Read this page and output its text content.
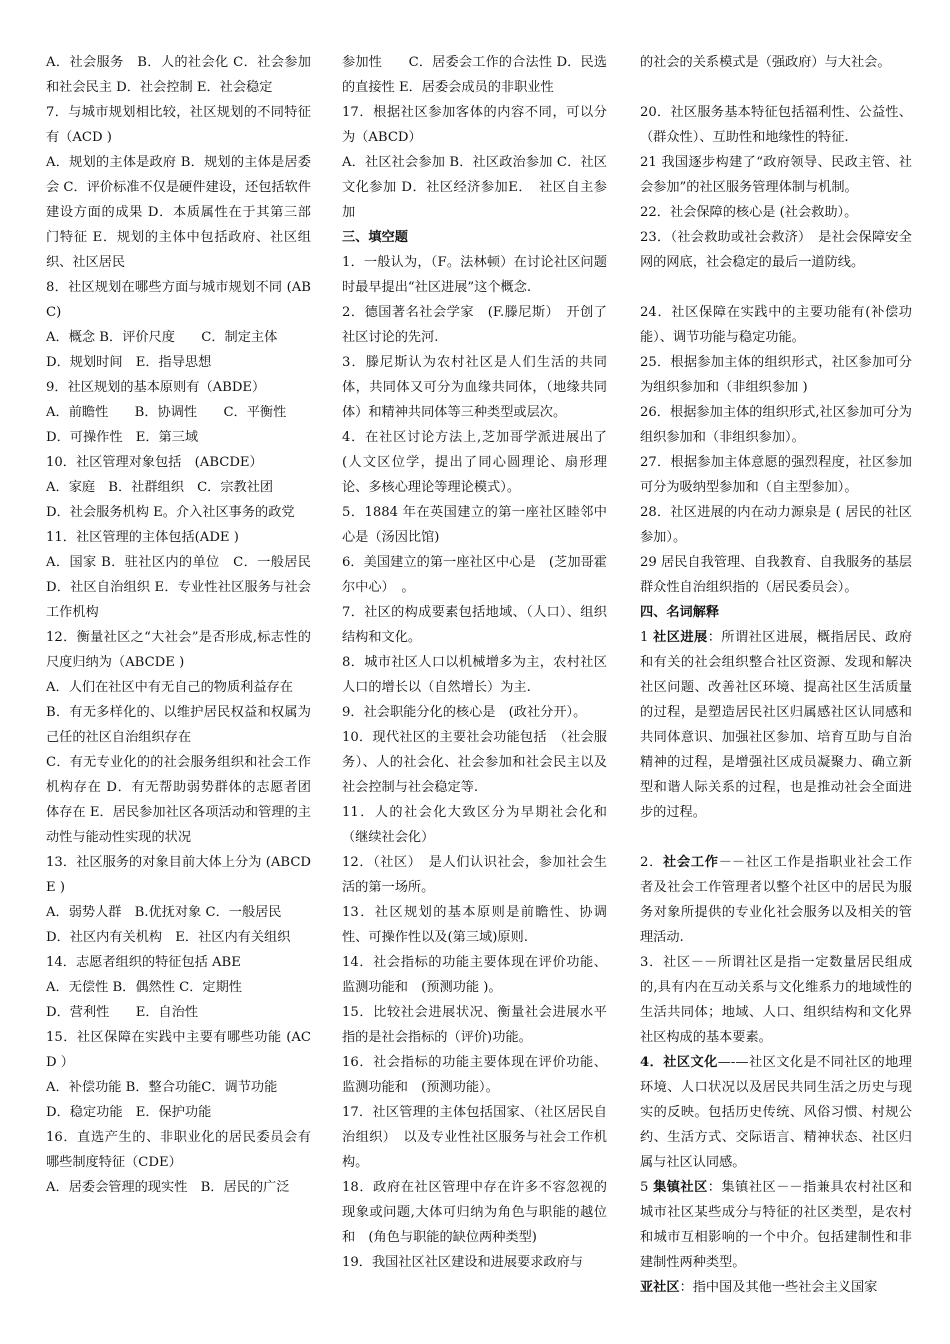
A．社会服务　B．人的社会化 C．社会参加和社会民主 D．社会控制 E．社会稳定

7．与城市规划相比较，社区规划的不同特征有（ACD )

A．规划的主体是政府 B．规划的主体是居委会 C．评价标准不仅是硬件建设，还包括软件建设方面的成果 D．本质属性在于其第三部门特征 E．规划的主体中包括政府、社区组织、社区居民

8．社区规划在哪些方面与城市规划不同 (ABC)

A．概念 B．评价尺度　　C．制定主体

D．规划时间　E．指导思想

9．社区规划的基本原则有（ABDE）

A．前瞻性　　B．协调性　　C．平衡性

D．可操作性　E．第三域

10．社区管理对象包括　(ABCDE）

A．家庭　B．社群组织　C．宗教社团

D．社会服务机构 E。介入社区事务的政党

11．社区管理的主体包括(ADE )

A．国家 B．驻社区内的单位　C．一般居民 D．社区自治组织 E．专业性社区服务与社会工作机构

12．衡量社区之“大社会”是否形成,标志性的尺度归纳为（ABCDE )

A．人们在社区中有无自己的物质利益存在

B．有无多样化的、以维护居民权益和权属为己任的社区自治组织存在

C．有无专业化的的社会服务组织和社会工作机构存在 D．有无帮助弱势群体的志愿者团体存在 E．居民参加社区各项活动和管理的主动性与能动性实现的状况

13．社区服务的对象目前大体上分为 (ABCDE )

A．弱势人群　B.优抚对象 C．一般居民

D．社区内有关机构　E．社区内有关组织

14．志愿者组织的特征包括 ABE

A．无偿性 B．偶然性 C．定期性

D．营利性　　E．自治性

15．社区保障在实践中主要有哪些功能 (ACD ）

A．补偿功能 B．整合功能C．调节功能

D．稳定功能　E．保护功能

16．直选产生的、非职业化的居民委员会有哪些制度特征（CDE）

A．居委会管理的现实性　B．居民的广泛

参加性　　C．居委会工作的合法性 D．民选的直接性 E．居委会成员的非职业性

17．根据社区参加客体的内容不同，可以分为（ABCD）

A．社区社会参加 B．社区政治参加 C．社区文化参加 D．社区经济参加E．　社区自主参加

三、填空题

1．一般认为，（F。法林顿）在讨论社区问题时最早提出“社区进展”这个概念.

2．德国著名社会学家　(F.滕尼斯）　开创了社区讨论的先河.

3．滕尼斯认为农村社区是人们生活的共同体，共同体又可分为血缘共同体，（地缘共同体）和精神共同体等三种类型或层次。

4．在社区讨论方法上,芝加哥学派进展出了(人文区位学，提出了同心圆理论、扇形理论、多核心理论等理论模式）。

5．1884 年在英国建立的第一座社区睦邻中心是（汤因比馆)

6．美国建立的第一座社区中心是　(芝加哥霍尔中心）　。

7．社区的构成要素包括地域、（人口）、组织结构和文化。

8．城市社区人口以机械增多为主，农村社区人口的增长以（自然增长）为主.

9．社会职能分化的核心是　(政社分开）。

10．现代社区的主要社会功能包括　（社会服务）、人的社会化、社会参加和社会民主以及社会控制与社会稳定等.

11．人的社会化大致区分为早期社会化和（继续社会化）

12．（社区）　是人们认识社会，参加社会生活的第一场所。

13．社区规划的基本原则是前瞻性、协调性、可操作性以及(第三域)原则.

14．社会指标的功能主要体现在评价功能、监测功能和　(预测功能 )。

15．比较社会进展状况、衡量社会进展水平指的是社会指标的（评价)功能。

16．社会指标的功能主要体现在评价功能、监测功能和　(预测功能）。

17．社区管理的主体包括国家、（社区居民自治组织）　以及专业性社区服务与社会工作机构。

18．政府在社区管理中存在许多不容忽视的现象或问题,大体可归纳为角色与职能的越位和　(角色与职能的缺位两种类型)

19．我国社区社区建设和进展要求政府与

的社会的关系模式是（强政府）与大社会。

20．社区服务基本特征包括福利性、公益性、（群众性）、互助性和地缘性的特征.

21 我国逐步构建了“政府领导、民政主管、社会参加”的社区服务管理体制与机制。

22．社会保障的核心是 (社会救助）。

23．（社会救助或社会救济）　是社会保障安全网的网底，社会稳定的最后一道防线。

24．社区保障在实践中的主要功能有(补偿功能）、调节功能与稳定功能。

25．根据参加主体的组织形式，社区参加可分为组织参加和（非组织参加 )

26．根据参加主体的组织形式,社区参加可分为组织参加和（非组织参加）。

27．根据参加主体意愿的强烈程度，社区参加可分为吸纳型参加和（自主型参加）。

28．社区进展的内在动力源泉是 ( 居民的社区参加）。

29 居民自我管理、自我教育、自我服务的基层群众性自治组织指的（居民委员会）。

四、名词解释

1 社区进展：所谓社区进展，概指居民、政府和有关的社会组织整合社区资源、发现和解决社区问题、改善社区环境、提高社区生活质量的过程，是塑造居民社区归属感社区认同感和共同体意识、加强社区参加、培育互助与自治精神的过程，是增强社区成员凝聚力、确立新型和谐人际关系的过程，也是推动社会全面进步的过程。

2．社会工作－－社区工作是指职业社会工作者及社会工作管理者以整个社区中的居民为服务对象所提供的专业化社会服务以及相关的管理活动.

3．社区－－所谓社区是指一定数量居民组成的,具有内在互动关系与文化维系力的地域性的生活共同体；地域、人口、组织结构和文化界社区构成的基本要素。

4．社区文化—-—社区文化是不同社区的地理环境、人口状况以及居民共同生活之历史与现实的反映。包括历史传统、风俗习惯、村规公约、生活方式、交际语言、精神状态、社区归属与社区认同感。

5 集镇社区：集镇社区－－指兼具农村社区和城市社区某些成分与特征的社区类型，是农村和城市互相影响的一个中介。包括建制性和非建制性两种类型。

亚社区：指中国及其他一些社会主义国家
